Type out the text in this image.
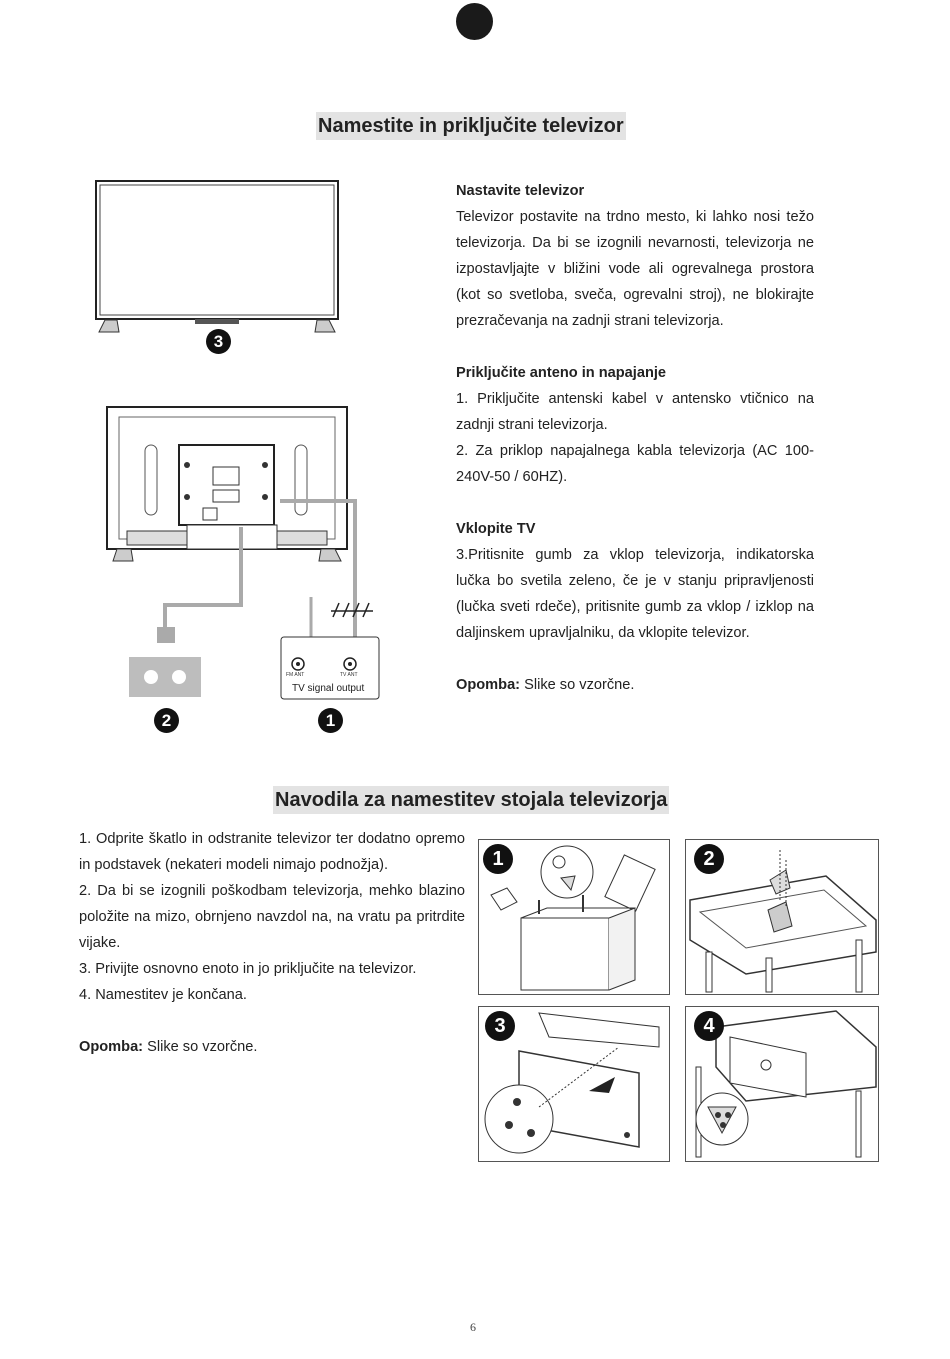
Namestite in priključite televizor
3
FM ANT	TV ANT
TV signal output
2	1

Nastavite televizor

Televizor postavite na trdno mesto, ki lahko nosi težo televizorja. Da bi se izognili nevarnosti, televizorja ne izpostavljajte v bližini vode ali ogrevalnega prostora (kot so svetloba, sveča, ogrevalni stroj), ne blokirajte prezračevanja na zadnji strani televizorja.

Priključite anteno in napajanje

1. Priključite antenski kabel v antensko vtičnico na zadnji strani televizorja.

2. Za priklop napajalnega kabla televizorja (AC 100-240V-50 / 60HZ).

Vklopite TV

3.Pritisnite gumb za vklop televizorja, indikatorska lučka bo svetila zeleno, če je v stanju pripravljenosti (lučka sveti rdeče), pritisnite gumb za vklop / izklop na daljinskem upravljalniku, da vklopite televizor.

Opomba: Slike so vzorčne.

Navodila za namestitev stojala televizorja

1. Odprite škatlo in odstranite televizor ter dodatno opremo in podstavek (nekateri modeli nimajo podnožja).

2. Da bi se izognili poškodbam televizorja, mehko blazino položite na mizo, obrnjeno navzdol na, na vratu pa pritrdite vijake.

3. Privijte osnovno enoto in jo priključite na televizor.

4. Namestitev je končana.

Opomba: Slike so vzorčne.

1	2
3	4
6
